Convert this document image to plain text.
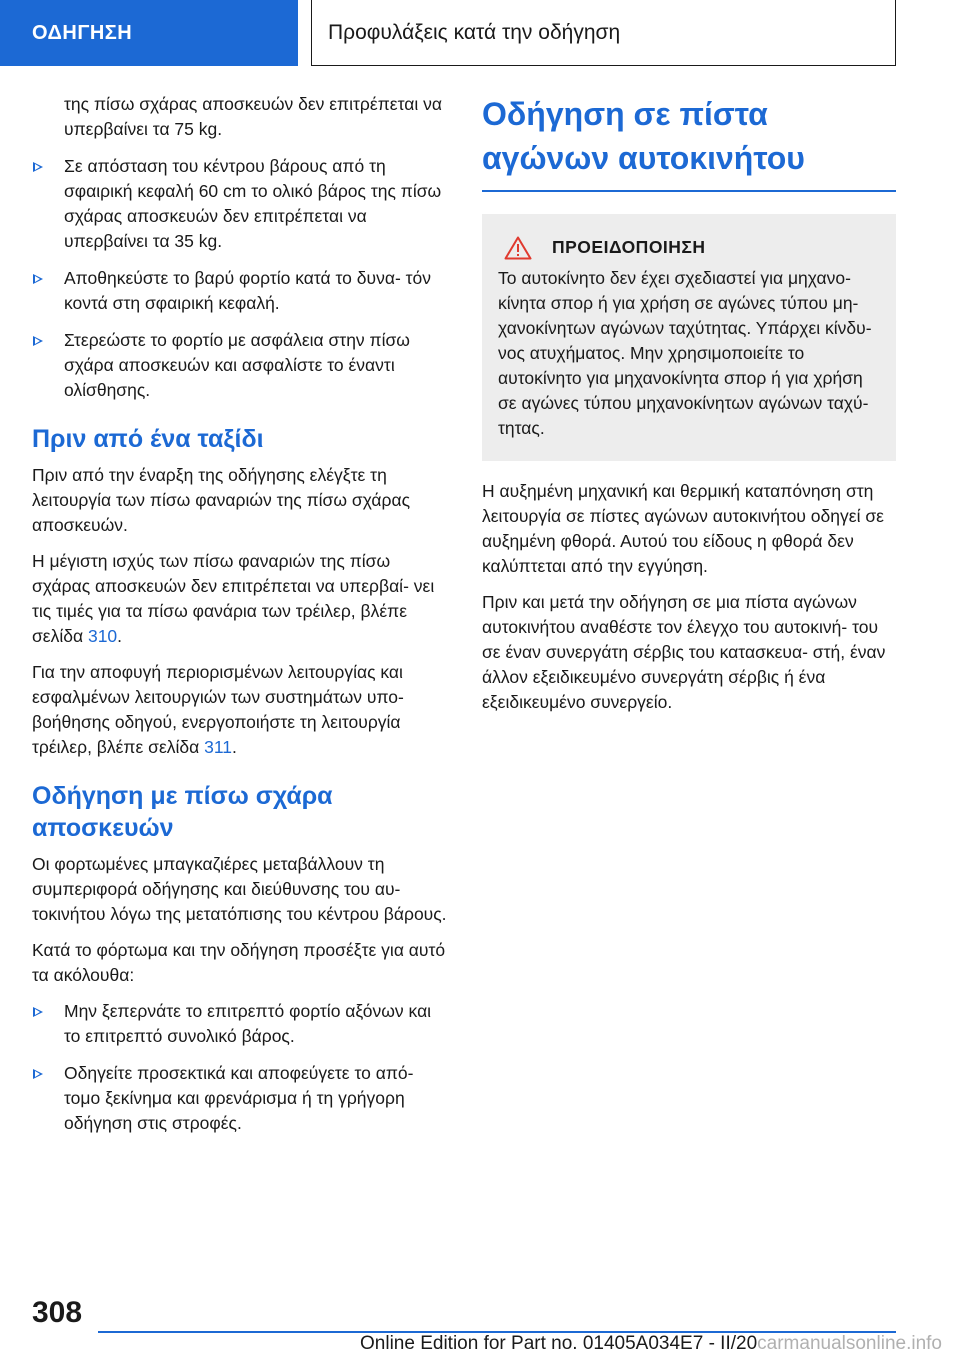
ΟΔΗΓΗΣΗ	Προφυλάξεις κατά την οδήγηση
της πίσω σχάρας αποσκευών δεν επιτρέπεται να υπερβαίνει τα 75 kg.
Σε απόσταση του κέντρου βάρους από τη σφαιρική κεφαλή 60 cm το ολικό βάρος της πίσω σχάρας αποσκευών δεν επιτρέπεται να υπερβαίνει τα 35 kg.
Αποθηκεύστε το βαρύ φορτίο κατά το δυνα- τόν κοντά στη σφαιρική κεφαλή.
Στερεώστε το φορτίο με ασφάλεια στην πίσω σχάρα αποσκευών και ασφαλίστε το έναντι ολίσθησης.
Πριν από ένα ταξίδι

Πριν από την έναρξη της οδήγησης ελέγξτε τη λειτουργία των πίσω φαναριών της πίσω σχάρας αποσκευών.

Η μέγιστη ισχύς των πίσω φαναριών της πίσω σχάρας αποσκευών δεν επιτρέπεται να υπερβαί- νει τις τιμές για τα πίσω φανάρια των τρέιλερ, βλέπε σελίδα 310.

Για την αποφυγή περιορισμένων λειτουργίας και εσφαλμένων λειτουργιών των συστημάτων υπο- βοήθησης οδηγού, ενεργοποιήστε τη λειτουργία τρέιλερ, βλέπε σελίδα 311.

Οδήγηση με πίσω σχάρα αποσκευών

Οι φορτωμένες μπαγκαζιέρες μεταβάλλουν τη συμπεριφορά οδήγησης και διεύθυνσης του αυ- τοκινήτου λόγω της μετατόπισης του κέντρου βάρους.

Κατά το φόρτωμα και την οδήγηση προσέξτε για αυτό τα ακόλουθα:

Μην ξεπερνάτε το επιτρεπτό φορτίο αξόνων και το επιτρεπτό συνολικό βάρος.
Οδηγείτε προσεκτικά και αποφεύγετε το από- τομο ξεκίνημα και φρενάρισμα ή τη γρήγορη οδήγηση στις στροφές.
Οδήγηση σε πίστα αγώνων αυτοκινήτου
ΠΡΟΕΙΔΟΠΟΙΗΣΗ
Το αυτοκίνητο δεν έχει σχεδιαστεί για μηχανο- κίνητα σπορ ή για χρήση σε αγώνες τύπου μη- χανοκίνητων αγώνων ταχύτητας. Υπάρχει κίνδυ- νος ατυχήματος. Μην χρησιμοποιείτε το αυτοκίνητο για μηχανοκίνητα σπορ ή για χρήση σε αγώνες τύπου μηχανοκίνητων αγώνων ταχύ- τητας.

Η αυξημένη μηχανική και θερμική καταπόνηση στη λειτουργία σε πίστες αγώνων αυτοκινήτου οδηγεί σε αυξημένη φθορά. Αυτού του είδους η φθορά δεν καλύπτεται από την εγγύηση.

Πριν και μετά την οδήγηση σε μια πίστα αγώνων αυτοκινήτου αναθέστε τον έλεγχο του αυτοκινή- του σε έναν συνεργάτη σέρβις του κατασκευα- στή, έναν άλλον εξειδικευμένο συνεργάτη σέρβις ή ένα εξειδικευμένο συνεργείο.

308
Online Edition for Part no. 01405A034E7 - II/20carmanualsonline.info
